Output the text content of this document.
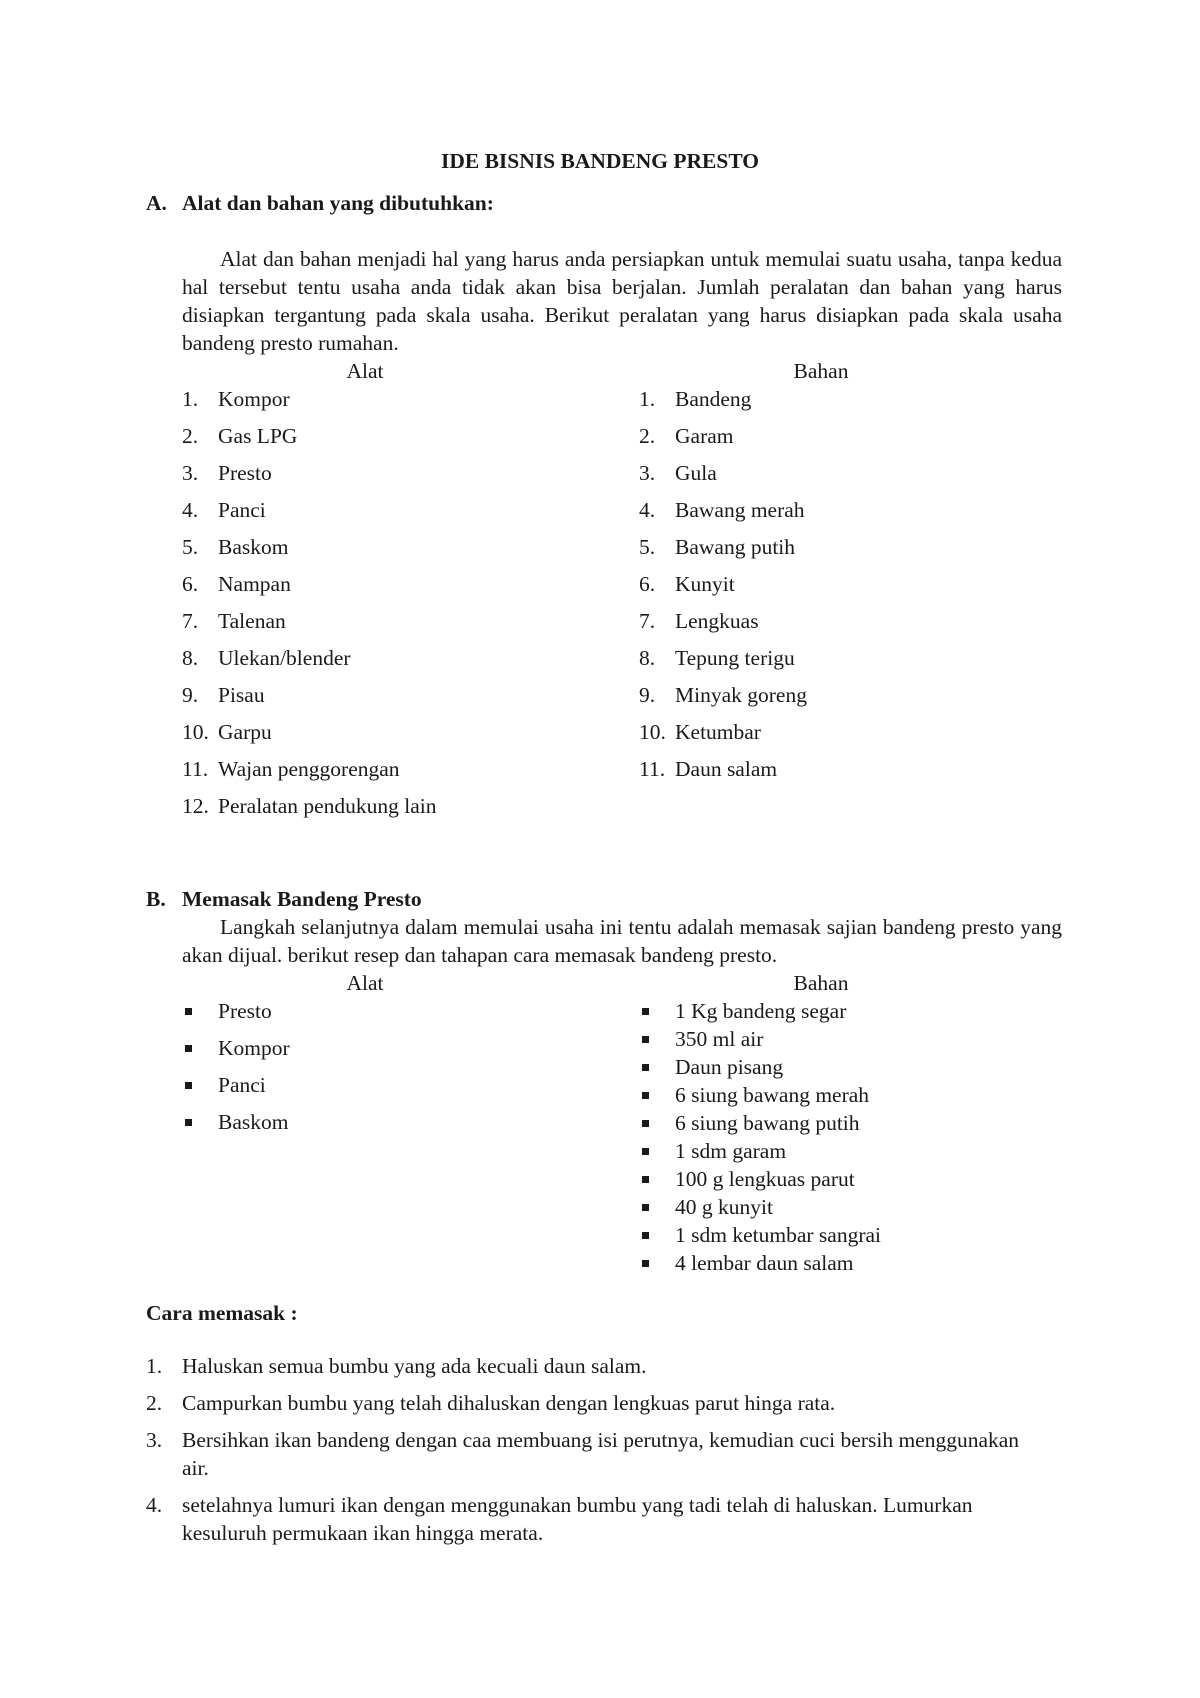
IDE BISNIS BANDENG PRESTO
A. Alat dan bahan yang dibutuhkan:

Alat dan bahan menjadi hal yang harus anda persiapkan untuk memulai suatu usaha, tanpa kedua hal tersebut tentu usaha anda tidak akan bisa berjalan. Jumlah peralatan dan bahan yang harus disiapkan tergantung pada skala usaha. Berikut peralatan yang harus disiapkan pada skala usaha bandeng presto rumahan.

Alat	Bahan
1. Kompor
2. Gas LPG
3. Presto
4. Panci
5. Baskom
6. Nampan
7. Talenan
8. Ulekan/blender
9. Pisau
10. Garpu
11. Wajan penggorengan
12. Peralatan pendukung lain
1. Bandeng
2. Garam
3. Gula
4. Bawang merah
5. Bawang putih
6. Kunyit
7. Lengkuas
8. Tepung terigu
9. Minyak goreng
10. Ketumbar
11. Daun salam
B. Memasak Bandeng Presto

Langkah selanjutnya dalam memulai usaha ini tentu adalah memasak sajian bandeng presto yang akan dijual. berikut resep dan tahapan cara memasak bandeng presto.

Alat	Bahan
Presto
Kompor
Panci
Baskom
1 Kg bandeng segar
350 ml air
Daun pisang
6 siung bawang merah
6 siung bawang putih
1 sdm garam
100 g lengkuas parut
40 g kunyit
1 sdm ketumbar sangrai
4 lembar daun salam
Cara memasak :
1. Haluskan semua bumbu yang ada kecuali daun salam.
2. Campurkan bumbu yang telah dihaluskan dengan lengkuas parut hinga rata.
3. Bersihkan ikan bandeng dengan caa membuang isi perutnya, kemudian cuci bersih menggunakan air.
4. setelahnya lumuri ikan dengan menggunakan bumbu yang tadi telah di haluskan. Lumurkan kesuluruh permukaan ikan hingga merata.
